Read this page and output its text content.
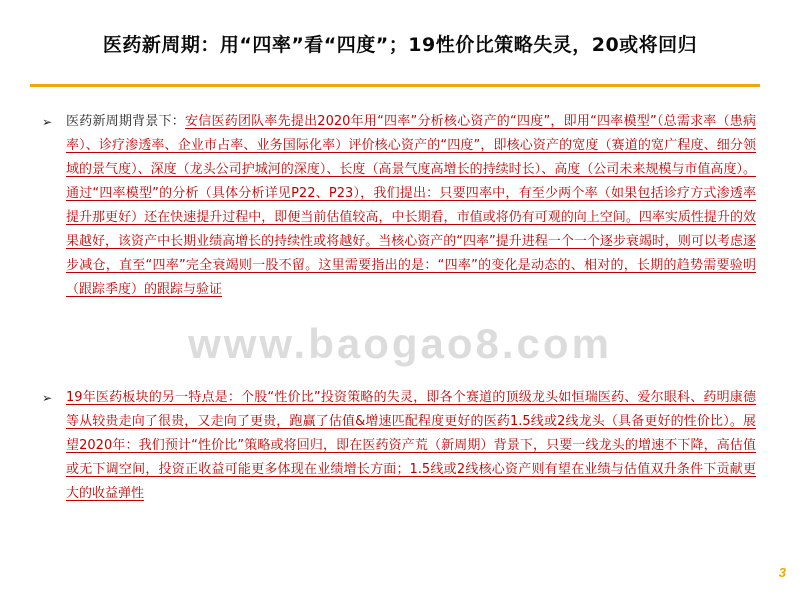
医药新周期：用“四率”看“四度”；19性价比策略失灵，20或将回归
➢ 医药新周期背景下：安信医药团队率先提出2020年用“四率”分析核心资产的“四度”，即用“四率模型”（总需求率（患病率）、诊疗渗透率、企业市占率、业务国际化率）评价核心资产的“四度”，即核心资产的宽度（赛道的宽广程度、细分领域的景气度）、深度（龙头公司护城河的深度）、长度（高景气度高增长的持续时长）、高度（公司未来规模与市值高度）。通过“四率模型”的分析（具体分析详见P22、P23），我们提出：只要四率中，有至少两个率（如果包括诊疗方式渗透率提升那更好）还在快速提升过程中，即便当前估值较高，中长期看，市值或将仍有可观的向上空间。四率实质性提升的效果越好，该资产中长期业绩高增长的持续性或将越好。当核心资产的“四率”提升进程一个一个逐步衰竭时，则可以考虑逐步减仓，直至“四率”完全衰竭则一股不留。这里需要指出的是：“四率”的变化是动态的、相对的，长期的趋势需要验明（跟踪季度）的跟踪与验证
➢ 19年医药板块的另一特点是：个股“性价比”投资策略的失灵，即各个赛道的顶级龙头如恒瑞医药、爱尔眼科、药明康德等从较贵走向了很贵，又走向了更贵，跑赢了估值&增速匹配程度更好的医药1.5线或2线龙头（具备更好的性价比）。展望2020年：我们预计“性价比”策略或将回归，即在医药资产荒（新周期）背景下，只要一线龙头的增速不下降，高估值或无下调空间，投资正收益可能更多体现在业绩增长方面；1.5线或2线核心资产则有望在业绩与估值双升条件下贡献更大的收益弹性
www.baogao8.com
3
